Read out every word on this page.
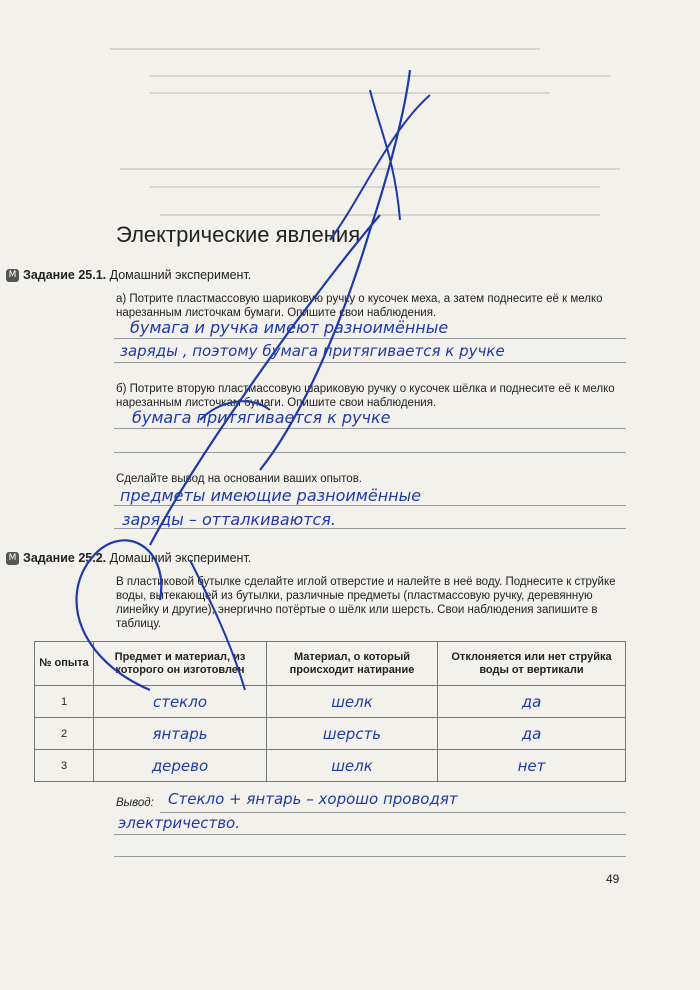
Электрические явления
М Задание 25.1. Домашний эксперимент.
а) Потрите пластмассовую шариковую ручку о кусочек меха, а затем поднесите её к мелко нарезанным листочкам бумаги. Опишите свои наблюдения.
бумага и ручка имеют разноимённые
заряды , поэтому бумага притягивается к ручке
б) Потрите вторую пластмассовую шариковую ручку о кусочек шёлка и поднесите её к мелко нарезанным листочкам бумаги. Опишите свои наблюдения.
бумага притягивается к ручке
Сделайте вывод на основании ваших опытов.
предметы имеющие разноимённые
заряды – отталкиваются.
М Задание 25.2. Домашний эксперимент.
В пластиковой бутылке сделайте иглой отверстие и налейте в неё воду. Поднесите к струйке воды, вытекающей из бутылки, различные предметы (пластмассовую ручку, деревянную линейку и другие), энергично потёртые о шёлк или шерсть. Свои наблюдения запишите в таблицу.
№ опыта	Предмет и материал, из которого он изготовлен	Материал, о который происходит натирание	Отклоняется или нет струйка воды от вертикали
1	стекло	шелк	да
2	янтарь	шерсть	да
3	дерево	шелк	нет
Вывод: Стекло + янтарь – хорошо проводят
электричество.
49
